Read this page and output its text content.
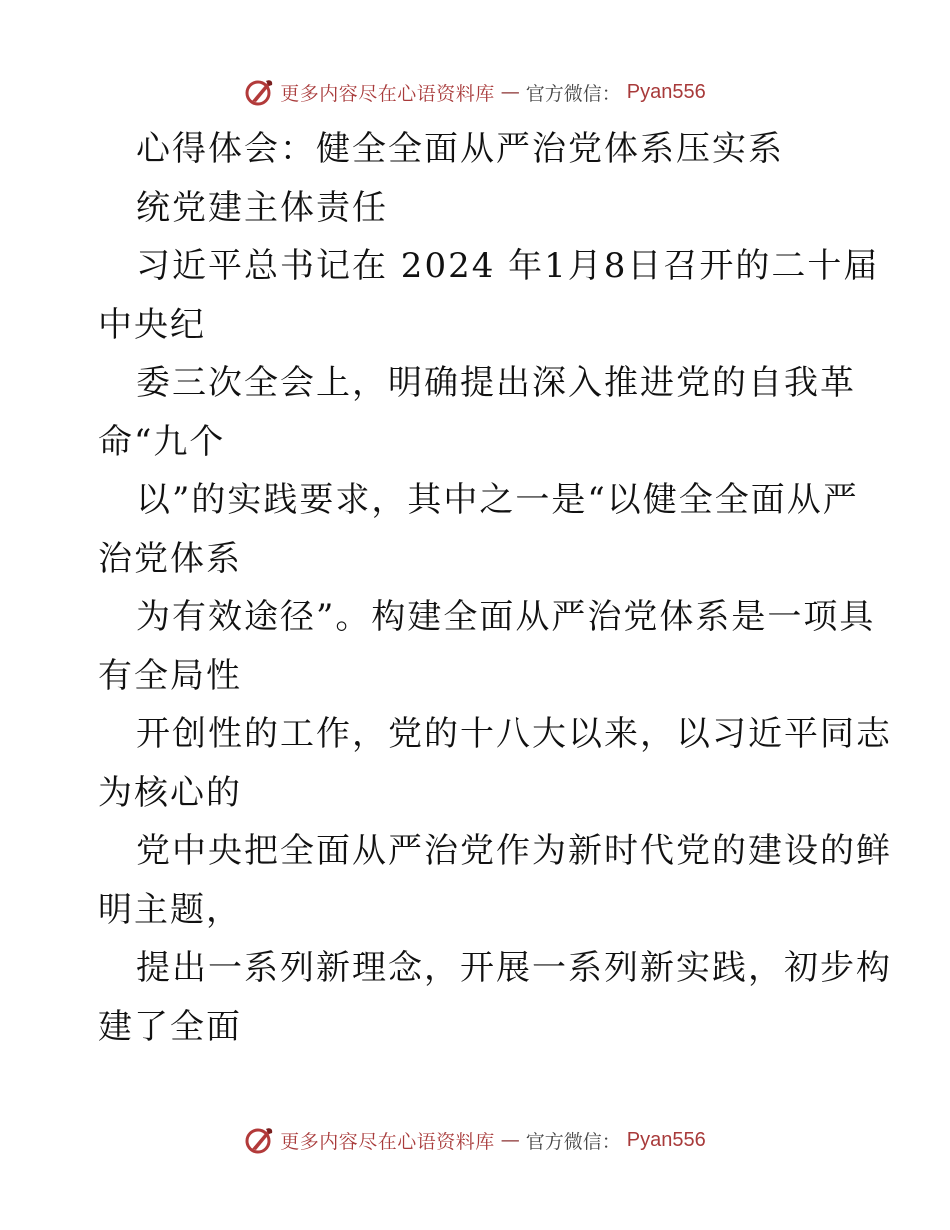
更多内容尽在心语资料库 — 官方微信： Pyan556
心得体会：健全全面从严治党体系压实系
统党建主体责任
习近平总书记在 2024 年1月8日召开的二十届
中央纪
委三次全会上，明确提出深入推进党的自我革
命“九个
以”的实践要求，其中之一是“以健全全面从严
治党体系
为有效途径”。构建全面从严治党体系是一项具
有全局性
开创性的工作，党的十八大以来，以习近平同志
为核心的
党中央把全面从严治党作为新时代党的建设的鲜
明主题，
提出一系列新理念，开展一系列新实践，初步构
建了全面
更多内容尽在心语资料库 — 官方微信： Pyan556
